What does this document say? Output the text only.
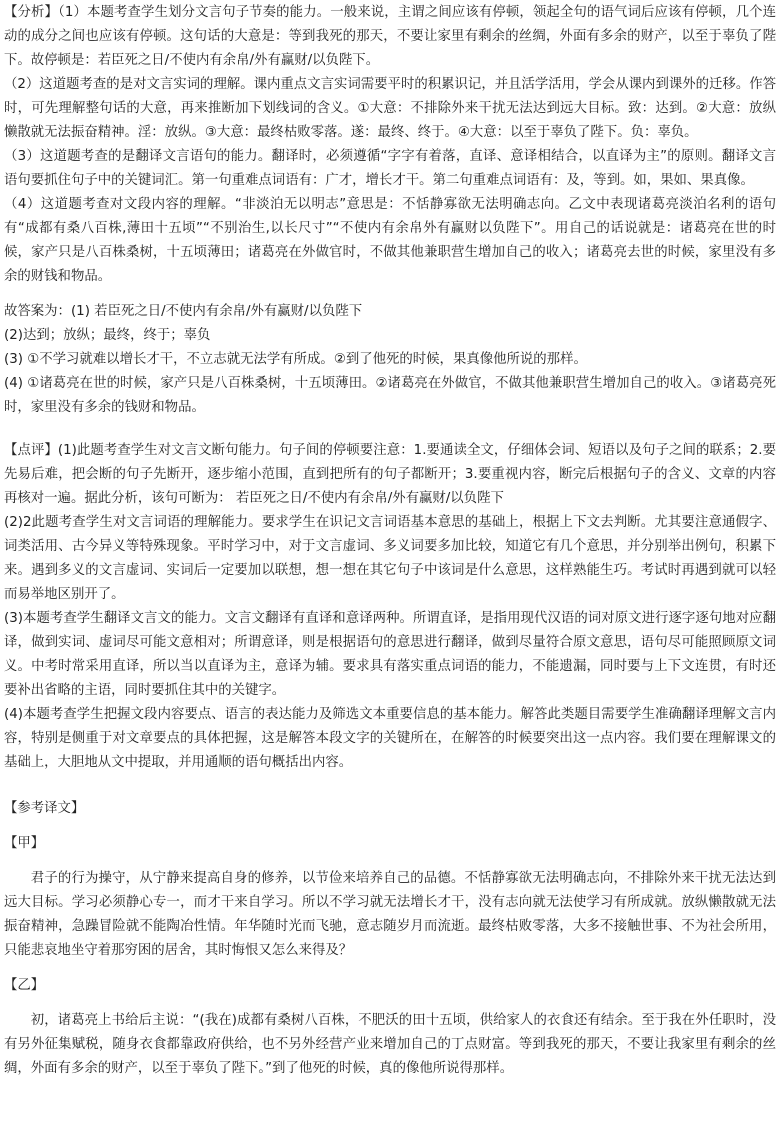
【分析】（1）本题考查学生划分文言句子节奏的能力。一般来说，主谓之间应该有停顿，领起全句的语气词后应该有停顿，几个连动的成分之间也应该有停顿。这句话的大意是：等到我死的那天，不要让家里有剩余的丝绸，外面有多余的财产，以至于辜负了陛下。故停顿是：若臣死之日/不使内有余帛/外有赢财/以负陛下。

（2）这道题考查的是对文言实词的理解。课内重点文言实词需要平时的积累识记，并且活学活用，学会从课内到课外的迁移。作答时，可先理解整句话的大意，再来推断加下划线词的含义。①大意：不排除外来干扰无法达到远大目标。致：达到。②大意：放纵懒散就无法振奋精神。淫：放纵。③大意：最终枯败零落。遂：最终、终于。④大意：以至于辜负了陛下。负：辜负。

（3）这道题考查的是翻译文言语句的能力。翻译时，必须遵循“字字有着落，直译、意译相结合，以直译为主”的原则。翻译文言语句要抓住句子中的关键词汇。第一句重难点词语有：广才，增长才干。第二句重难点词语有：及，等到。如，果如、果真像。

（4）这道题考查对文段内容的理解。“非淡泊无以明志”意思是：不恬静寡欲无法明确志向。乙文中表现诸葛亮淡泊名利的语句有“成都有桑八百株,薄田十五顷”“不别治生,以长尺寸”“不使内有余帛外有赢财以负陛下”。用自己的话说就是：诸葛亮在世的时候，家产只是八百株桑树，十五顷薄田；诸葛亮在外做官时，不做其他兼职营生增加自己的收入；诸葛亮去世的时候，家里没有多余的财钱和物品。

故答案为：(1) 若臣死之日/不使内有余帛/外有赢财/以负陛下

(2)达到；放纵；最终，终于；辜负

(3) ①不学习就难以增长才干，不立志就无法学有所成。②到了他死的时候，果真像他所说的那样。

(4) ①诸葛亮在世的时候，家产只是八百株桑树，十五顷薄田。②诸葛亮在外做官，不做其他兼职营生增加自己的收入。③诸葛亮死时，家里没有多余的钱财和物品。

【点评】(1)此题考查学生对文言文断句能力。句子间的停顿要注意：1.要通读全文，仔细体会词、短语以及句子之间的联系；2.要先易后难，把会断的句子先断开，逐步缩小范围，直到把所有的句子都断开；3.要重视内容，断完后根据句子的含义、文章的内容再核对一遍。据此分析，该句可断为： 若臣死之日/不使内有余帛/外有赢财/以负陛下

(2)2此题考查学生对文言词语的理解能力。要求学生在识记文言词语基本意思的基础上，根据上下文去判断。尤其要注意通假字、词类活用、古今异义等特殊现象。平时学习中，对于文言虚词、多义词要多加比较，知道它有几个意思，并分别举出例句，积累下来。遇到多义的文言虚词、实词后一定要加以联想，想一想在其它句子中该词是什么意思，这样熟能生巧。考试时再遇到就可以轻而易举地区别开了。

(3)本题考查学生翻译文言文的能力。文言文翻译有直译和意译两种。所谓直译，是指用现代汉语的词对原文进行逐字逐句地对应翻译，做到实词、虚词尽可能文意相对；所谓意译，则是根据语句的意思进行翻译，做到尽量符合原文意思，语句尽可能照顾原文词义。中考时常采用直译，所以当以直译为主，意译为辅。要求具有落实重点词语的能力，不能遗漏，同时要与上下文连贯，有时还要补出省略的主语，同时要抓住其中的关键字。

(4)本题考查学生把握文段内容要点、语言的表达能力及筛选文本重要信息的基本能力。解答此类题目需要学生准确翻译理解文言内容，特别是侧重于对文章要点的具体把握，这是解答本段文字的关键所在，在解答的时候要突出这一点内容。我们要在理解课文的基础上，大胆地从文中提取，并用通顺的语句概括出内容。

【参考译文】

【甲】

君子的行为操守，从宁静来提高自身的修养，以节俭来培养自己的品德。不恬静寡欲无法明确志向，不排除外来干扰无法达到远大目标。学习必须静心专一，而才干来自学习。所以不学习就无法增长才干，没有志向就无法使学习有所成就。放纵懒散就无法振奋精神，急躁冒险就不能陶冶性情。年华随时光而飞驰，意志随岁月而流逝。最终枯败零落，大多不接触世事、不为社会所用，只能悲哀地坐守着那穷困的居舍，其时悔恨又怎么来得及？

【乙】

初，诸葛亮上书给后主说：“(我在)成都有桑树八百株，不肥沃的田十五顷，供给家人的衣食还有结余。至于我在外任职时，没有另外征集赋税，随身衣食都靠政府供给，也不另外经营产业来增加自己的丁点财富。等到我死的那天，不要让我家里有剩余的丝绸，外面有多余的财产，以至于辜负了陛下。”到了他死的时候，真的像他所说得那样。
